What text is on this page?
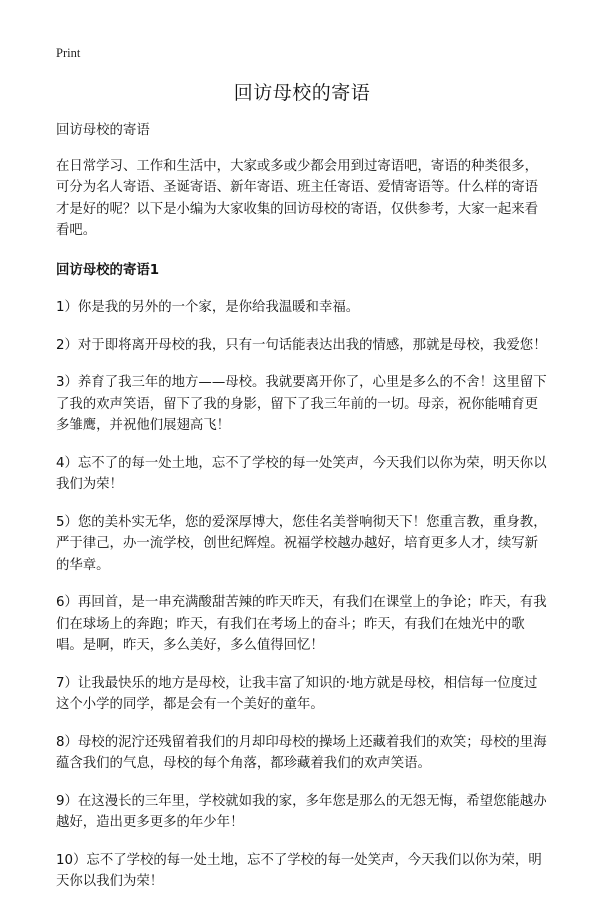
Print
回访母校的寄语

回访母校的寄语

在日常学习、工作和生活中，大家或多或少都会用到过寄语吧，寄语的种类很多，可分为名人寄语、圣诞寄语、新年寄语、班主任寄语、爱情寄语等。什么样的寄语才是好的呢？以下是小编为大家收集的回访母校的寄语，仅供参考，大家一起来看看吧。

回访母校的寄语1

1）你是我的另外的一个家，是你给我温暖和幸福。

2）对于即将离开母校的我，只有一句话能表达出我的情感，那就是母校，我爱您！

3）养育了我三年的地方——母校。我就要离开你了，心里是多么的不舍！这里留下了我的欢声笑语，留下了我的身影，留下了我三年前的一切。母亲，祝你能哺育更多雏鹰，并祝他们展翅高飞！

4）忘不了的每一处土地，忘不了学校的每一处笑声，今天我们以你为荣，明天你以我们为荣！

5）您的美朴实无华，您的爱深厚博大，您佳名美誉响彻天下！您重言教，重身教，严于律己，办一流学校，创世纪辉煌。祝福学校越办越好，培育更多人才，续写新的华章。

6）再回首，是一串充满酸甜苦辣的昨天昨天，有我们在课堂上的争论；昨天，有我们在球场上的奔跑；昨天，有我们在考场上的奋斗；昨天，有我们在烛光中的歌唱。是啊，昨天，多么美好，多么值得回忆！

7）让我最快乐的地方是母校，让我丰富了知识的·地方就是母校，相信每一位度过这个小学的同学，都是会有一个美好的童年。

8）母校的泥泞还残留着我们的月却印母校的操场上还藏着我们的欢笑；母校的里海蕴含我们的气息，母校的每个角落，都珍藏着我们的欢声笑语。

9）在这漫长的三年里，学校就如我的家，多年您是那么的无怨无悔，希望您能越办越好，造出更多更多的年少年！

10）忘不了学校的每一处土地，忘不了学校的每一处笑声，今天我们以你为荣，明天你以我们为荣！
